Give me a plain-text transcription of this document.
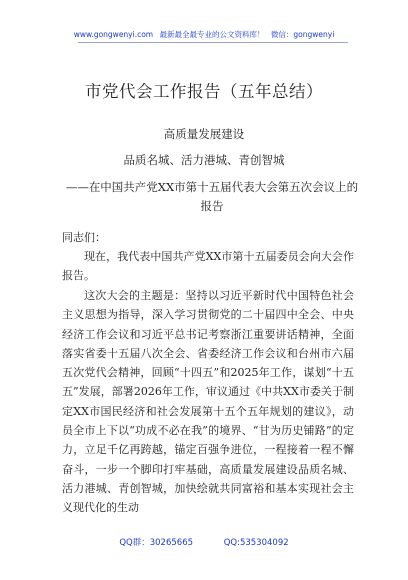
www.gongwenyi.com 最新最全最专业的公文资料库！ 微信：gongwenyi
市党代会工作报告（五年总结）
高质量发展建设
品质名城、活力港城、青创智城
——在中国共产党XX市第十五届代表大会第五次会议上的报告
同志们：
现在，我代表中国共产党XX市第十五届委员会向大会作报告。
这次大会的主题是：坚持以习近平新时代中国特色社会主义思想为指导，深入学习贯彻党的二十届四中全会、中央经济工作会议和习近平总书记考察浙江重要讲话精神，全面落实省委十五届八次全会、省委经济工作会议和台州市六届五次党代会精神，回顾“十四五”和2025年工作，谋划“十五五”发展，部署2026年工作，审议通过《中共XX市委关于制定XX市国民经济和社会发展第十五个五年规划的建议》，动员全市上下以“功成不必在我”的境界、“甘为历史铺路”的定力，立足千亿再跨越，锚定百强争进位，一程接着一程不懈奋斗，一步一个脚印打牢基础，高质量发展建设品质名城、活力港城、青创智城，加快绘就共同富裕和基本实现社会主义现代化的生动
QQ群：30265665	QQ:535304092
